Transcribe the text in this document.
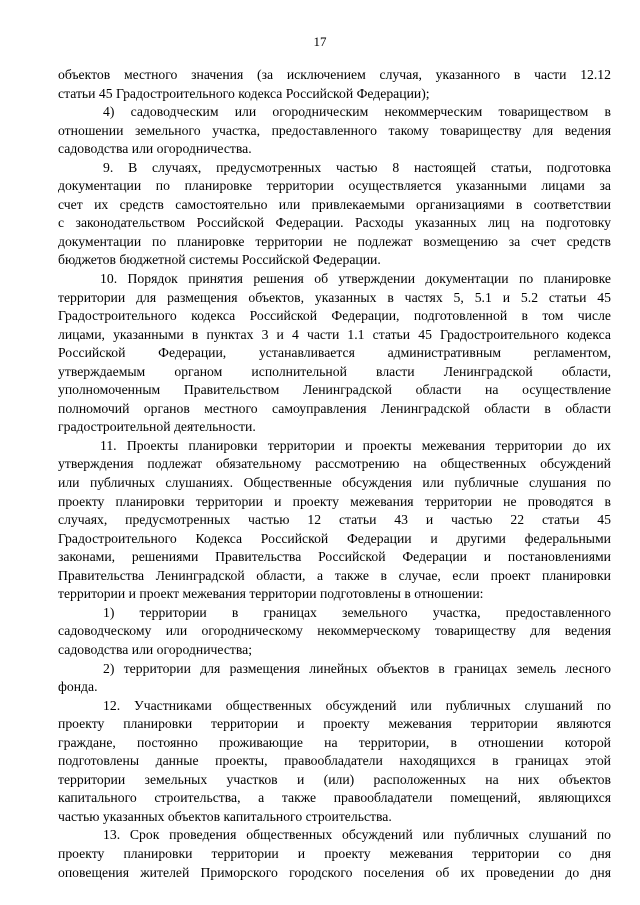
17
объектов местного значения (за исключением случая, указанного в части 12.12
статьи 45 Градостроительного кодекса Российской Федерации);
4) садоводческим или огородническим некоммерческим товариществом в
отношении земельного участка, предоставленного такому товариществу для ведения
садоводства или огородничества.
9. В случаях, предусмотренных частью 8 настоящей статьи, подготовка
документации по планировке территории осуществляется указанными лицами за
счет их средств самостоятельно или привлекаемыми организациями в соответствии
с законодательством Российской Федерации. Расходы указанных лиц на подготовку
документации по планировке территории не подлежат возмещению за счет средств
бюджетов бюджетной системы Российской Федерации.
10. Порядок принятия решения об утверждении документации по планировке
территории для размещения объектов, указанных в частях 5, 5.1 и 5.2 статьи 45
Градостроительного кодекса Российской Федерации, подготовленной в том числе
лицами, указанными в пунктах 3 и 4 части 1.1 статьи 45 Градостроительного кодекса
Российской Федерации, устанавливается административным регламентом,
утверждаемым органом исполнительной власти Ленинградской области,
уполномоченным Правительством Ленинградской области на осуществление
полномочий органов местного самоуправления Ленинградской области в области
градостроительной деятельности.
11. Проекты планировки территории и проекты межевания территории до их
утверждения подлежат обязательному рассмотрению на общественных обсуждений
или публичных слушаниях. Общественные обсуждения или публичные слушания по
проекту планировки территории и проекту межевания территории не проводятся в
случаях, предусмотренных частью 12 статьи 43 и частью 22 статьи 45
Градостроительного Кодекса Российской Федерации и другими федеральными
законами, решениями Правительства Российской Федерации и постановлениями
Правительства Ленинградской области, а также в случае, если проект планировки
территории и проект межевания территории подготовлены в отношении:
1) территории в границах земельного участка, предоставленного
садоводческому или огородническому некоммерческому товариществу для ведения
садоводства или огородничества;
2) территории для размещения линейных объектов в границах земель лесного
фонда.
12. Участниками общественных обсуждений или публичных слушаний по
проекту планировки территории и проекту межевания территории являются
граждане, постоянно проживающие на территории, в отношении которой
подготовлены данные проекты, правообладатели находящихся в границах этой
территории земельных участков и (или) расположенных на них объектов
капитального строительства, а также правообладатели помещений, являющихся
частью указанных объектов капитального строительства.
13. Срок проведения общественных обсуждений или публичных слушаний по
проекту планировки территории и проекту межевания территории со дня
оповещения жителей Приморского городского поселения об их проведении до дня
